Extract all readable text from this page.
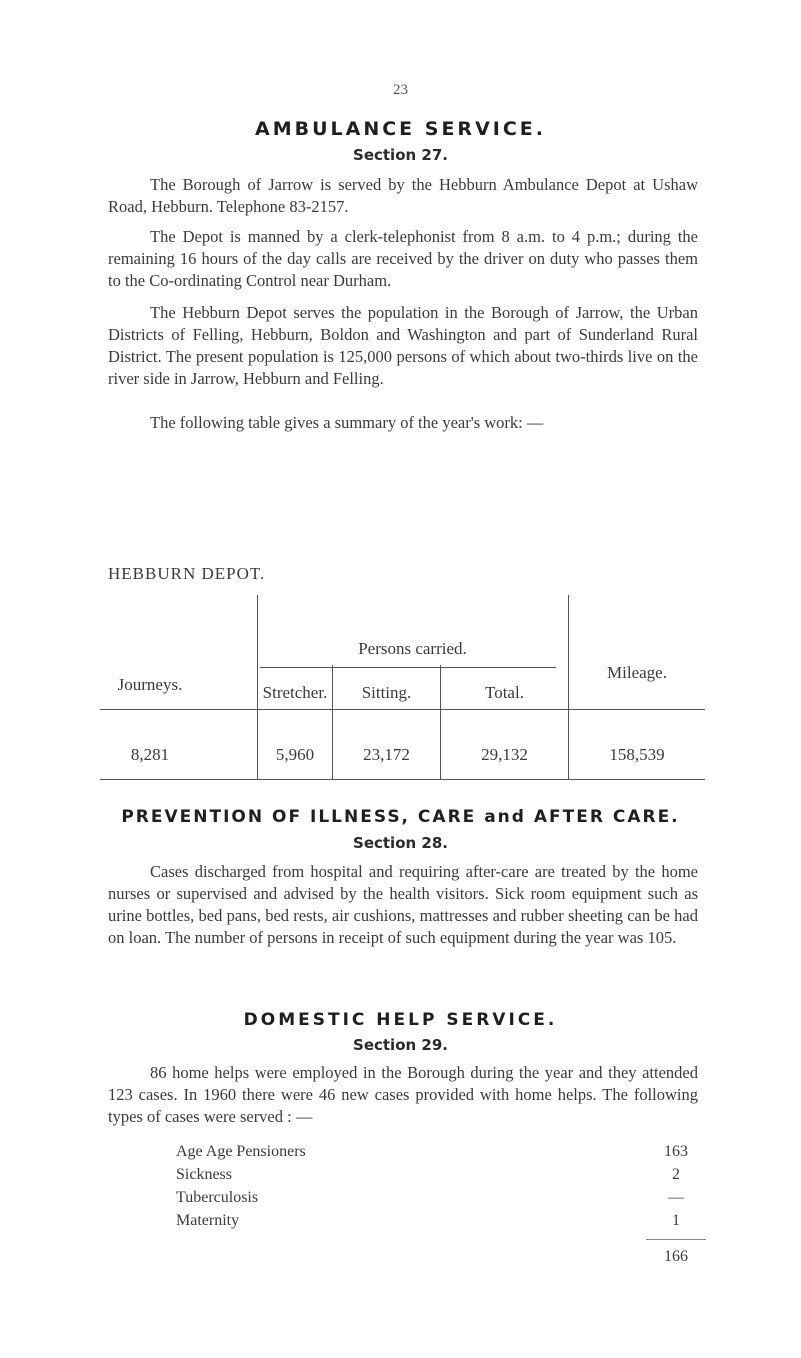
23
AMBULANCE SERVICE.
Section 27.

The Borough of Jarrow is served by the Hebburn Ambulance Depot at Ushaw Road, Hebburn. Telephone 83-2157.

The Depot is manned by a clerk-telephonist from 8 a.m. to 4 p.m.; during the remaining 16 hours of the day calls are received by the driver on duty who passes them to the Co-ordinating Control near Durham.

The Hebburn Depot serves the population in the Borough of Jarrow, the Urban Districts of Felling, Hebburn, Boldon and Washington and part of Sunderland Rural District. The present population is 125,000 persons of which about two-thirds live on the river side in Jarrow, Hebburn and Felling.

The following table gives a summary of the year's work: —

HEBBURN DEPOT.
Journeys.
Persons carried.
Stretcher.	Sitting.	Total.
Mileage.
8,281	5,960	23,172	29,132	158,539
PREVENTION OF ILLNESS, CARE and AFTER CARE.
Section 28.

Cases discharged from hospital and requiring after-care are treated by the home nurses or supervised and advised by the health visitors. Sick room equipment such as urine bottles, bed pans, bed rests, air cushions, mattresses and rubber sheeting can be had on loan. The number of persons in receipt of such equipment during the year was 105.

DOMESTIC HELP SERVICE.
Section 29.

86 home helps were employed in the Borough during the year and they attended 123 cases. In 1960 there were 46 new cases provided with home helps. The following types of cases were served : —

Age Age Pensioners	163
Sickness	2
Tuberculosis	—
Maternity	1
166
